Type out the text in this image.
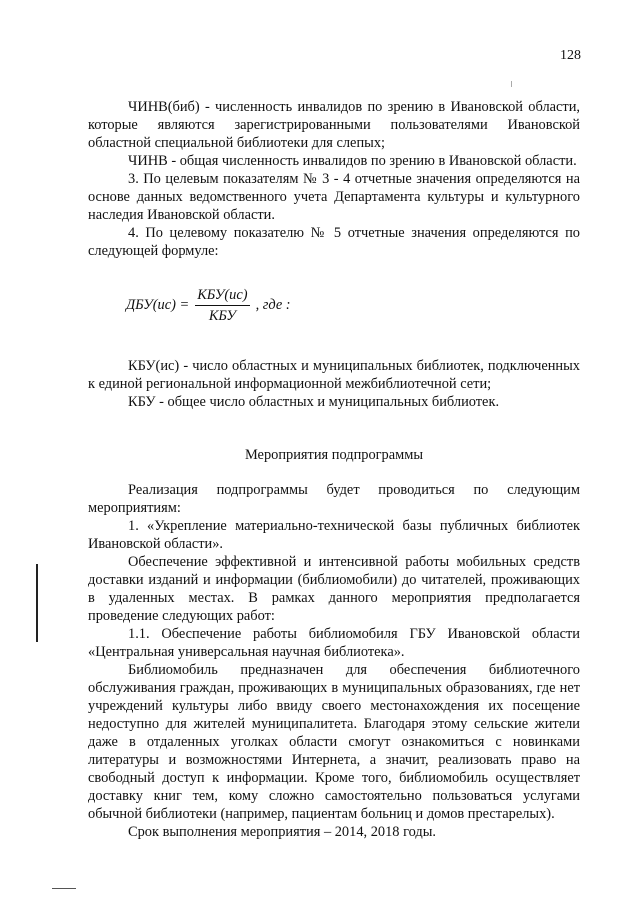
128

ЧИНВ(биб) - численность инвалидов по зрению в Ивановской области, которые являются зарегистрированными пользователями Ивановской областной специальной библиотеки для слепых;

ЧИНВ - общая численность инвалидов по зрению в Ивановской области.

3. По целевым показателям № 3 - 4 отчетные значения определяются на основе данных ведомственного учета Департамента культуры и культурного наследия Ивановской области.

4. По целевому показателю № 5 отчетные значения определяются по следующей формуле:

$ДБУ(ис) = \frac{\text{КБУ(ис)}}{\text{КБУ}}$ , где :

КБУ(ис) - число областных и муниципальных библиотек, подключенных к единой региональной информационной межбиблиотечной сети;

КБУ - общее число областных и муниципальных библиотек.

Мероприятия подпрограммы

Реализация подпрограммы будет проводиться по следующим мероприятиям:

1. «Укрепление материально-технической базы публичных библиотек Ивановской области».

Обеспечение эффективной и интенсивной работы мобильных средств доставки изданий и информации (библиомобили) до читателей, проживающих в удаленных местах. В рамках данного мероприятия предполагается проведение следующих работ:

1.1. Обеспечение работы библиомобиля ГБУ Ивановской области «Центральная универсальная научная библиотека».

Библиомобиль предназначен для обеспечения библиотечного обслуживания граждан, проживающих в муниципальных образованиях, где нет учреждений культуры либо ввиду своего местонахождения их посещение недоступно для жителей муниципалитета. Благодаря этому сельские жители даже в отдаленных уголках области смогут ознакомиться с новинками литературы и возможностями Интернета, а значит, реализовать право на свободный доступ к информации. Кроме того, библиомобиль осуществляет доставку книг тем, кому сложно самостоятельно пользоваться услугами обычной библиотеки (например, пациентам больниц и домов престарелых).

Срок выполнения мероприятия – 2014, 2018 годы.
